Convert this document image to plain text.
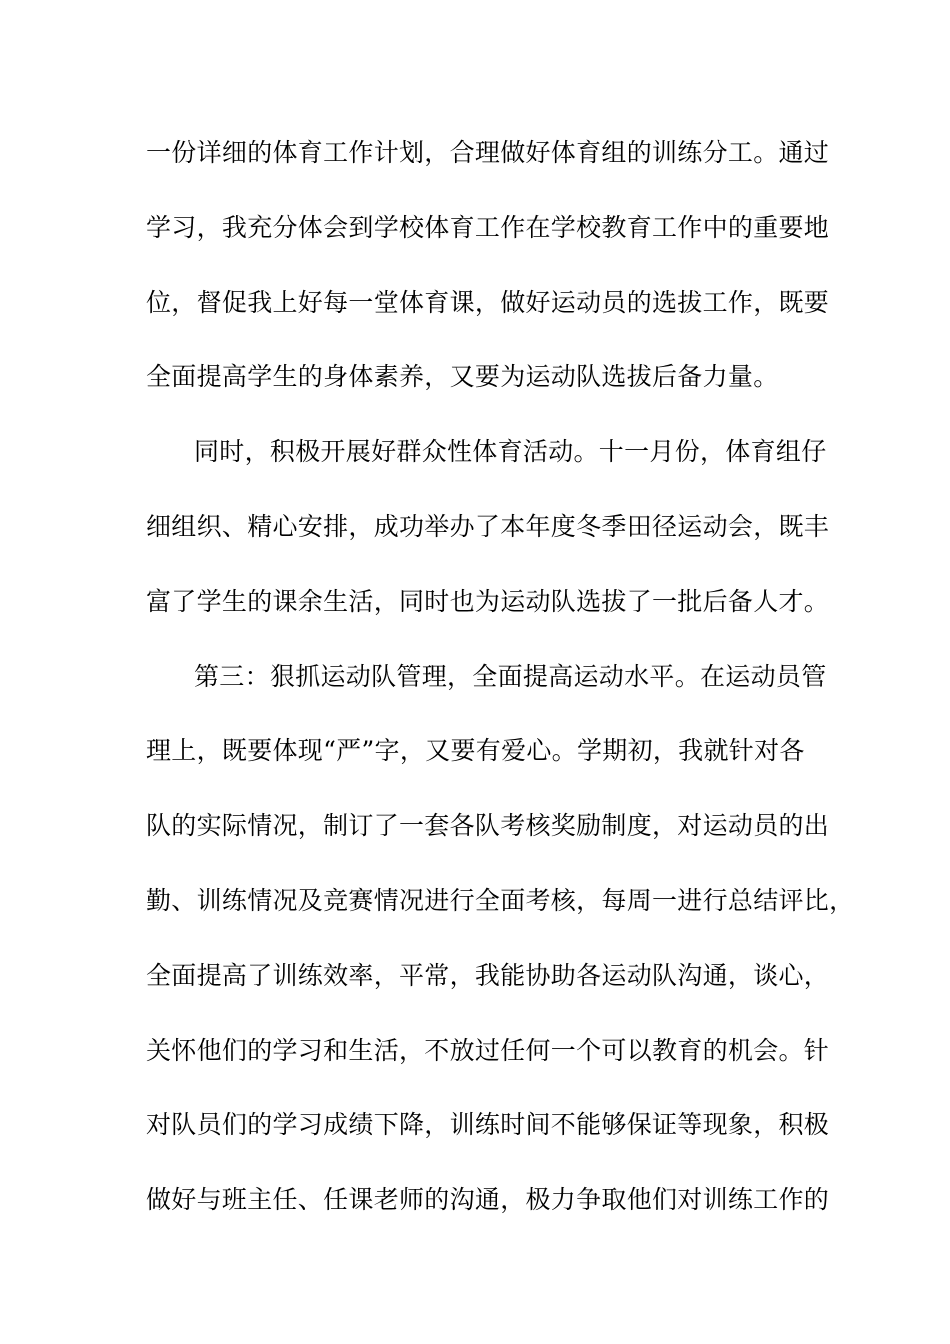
一份详细的体育工作计划，合理做好体育组的训练分工。通过
学习，我充分体会到学校体育工作在学校教育工作中的重要地
位，督促我上好每一堂体育课，做好运动员的选拔工作，既要
全面提高学生的身体素养，又要为运动队选拔后备力量。
同时，积极开展好群众性体育活动。十一月份，体育组仔
细组织、精心安排，成功举办了本年度冬季田径运动会，既丰
富了学生的课余生活，同时也为运动队选拔了一批后备人才。
第三：狠抓运动队管理，全面提高运动水平。在运动员管
理上，既要体现“严”字，又要有爱心。学期初，我就针对各
队的实际情况，制订了一套各队考核奖励制度，对运动员的出
勤、训练情况及竞赛情况进行全面考核，每周一进行总结评比，
全面提高了训练效率，平常，我能协助各运动队沟通，谈心，
关怀他们的学习和生活，不放过任何一个可以教育的机会。针
对队员们的学习成绩下降，训练时间不能够保证等现象，积极
做好与班主任、任课老师的沟通，极力争取他们对训练工作的
